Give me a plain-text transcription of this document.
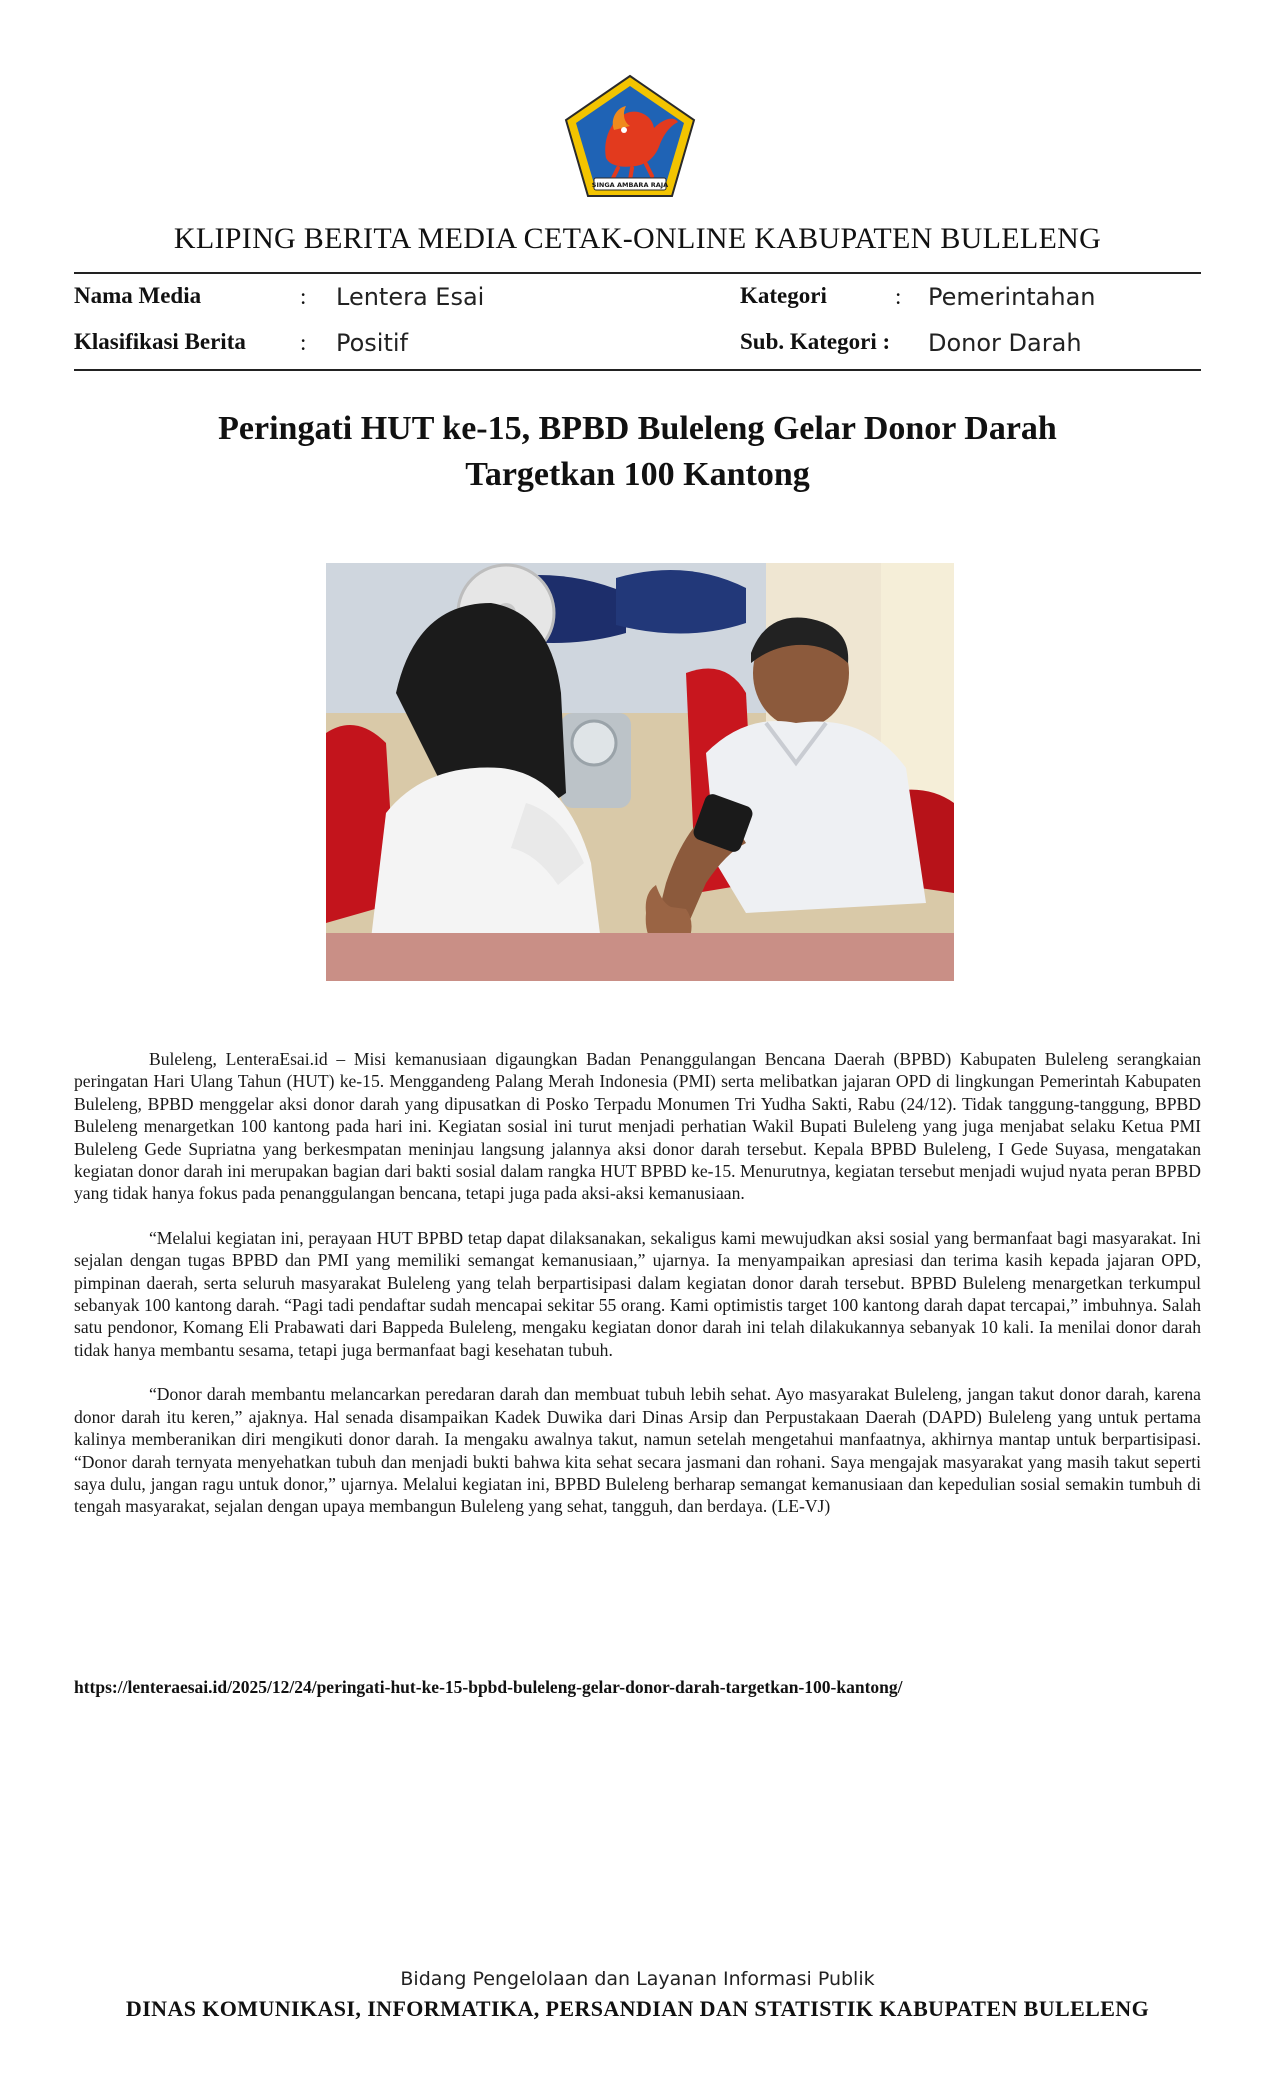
SINGA AMBARA RAJA
KLIPING BERITA MEDIA CETAK-ONLINE KABUPATEN BULELENG
Nama Media	: Lentera Esai	Kategori	: Pemerintahan
Klasifikasi Berita : Positif	Sub. Kategori : Donor Darah
Peringati HUT ke-15, BPBD Buleleng Gelar Donor Darah
Targetkan 100 Kantong

Buleleng, LenteraEsai.id – Misi kemanusiaan digaungkan Badan Penanggulangan Bencana Daerah (BPBD) Kabupaten Buleleng serangkaian peringatan Hari Ulang Tahun (HUT) ke-15. Menggandeng Palang Merah Indonesia (PMI) serta melibatkan jajaran OPD di lingkungan Pemerintah Kabupaten Buleleng, BPBD menggelar aksi donor darah yang dipusatkan di Posko Terpadu Monumen Tri Yudha Sakti, Rabu (24/12). Tidak tanggung-tanggung, BPBD Buleleng menargetkan 100 kantong pada hari ini. Kegiatan sosial ini turut menjadi perhatian Wakil Bupati Buleleng yang juga menjabat selaku Ketua PMI Buleleng Gede Supriatna yang berkesmpatan meninjau langsung jalannya aksi donor darah tersebut. Kepala BPBD Buleleng, I Gede Suyasa, mengatakan kegiatan donor darah ini merupakan bagian dari bakti sosial dalam rangka HUT BPBD ke-15. Menurutnya, kegiatan tersebut menjadi wujud nyata peran BPBD yang tidak hanya fokus pada penanggulangan bencana, tetapi juga pada aksi-aksi kemanusiaan.

“Melalui kegiatan ini, perayaan HUT BPBD tetap dapat dilaksanakan, sekaligus kami mewujudkan aksi sosial yang bermanfaat bagi masyarakat. Ini sejalan dengan tugas BPBD dan PMI yang memiliki semangat kemanusiaan,” ujarnya. Ia menyampaikan apresiasi dan terima kasih kepada jajaran OPD, pimpinan daerah, serta seluruh masyarakat Buleleng yang telah berpartisipasi dalam kegiatan donor darah tersebut. BPBD Buleleng menargetkan terkumpul sebanyak 100 kantong darah. “Pagi tadi pendaftar sudah mencapai sekitar 55 orang. Kami optimistis target 100 kantong darah dapat tercapai,” imbuhnya. Salah satu pendonor, Komang Eli Prabawati dari Bappeda Buleleng, mengaku kegiatan donor darah ini telah dilakukannya sebanyak 10 kali. Ia menilai donor darah tidak hanya membantu sesama, tetapi juga bermanfaat bagi kesehatan tubuh.

“Donor darah membantu melancarkan peredaran darah dan membuat tubuh lebih sehat. Ayo masyarakat Buleleng, jangan takut donor darah, karena donor darah itu keren,” ajaknya. Hal senada disampaikan Kadek Duwika dari Dinas Arsip dan Perpustakaan Daerah (DAPD) Buleleng yang untuk pertama kalinya memberanikan diri mengikuti donor darah. Ia mengaku awalnya takut, namun setelah mengetahui manfaatnya, akhirnya mantap untuk berpartisipasi. “Donor darah ternyata menyehatkan tubuh dan menjadi bukti bahwa kita sehat secara jasmani dan rohani. Saya mengajak masyarakat yang masih takut seperti saya dulu, jangan ragu untuk donor,” ujarnya. Melalui kegiatan ini, BPBD Buleleng berharap semangat kemanusiaan dan kepedulian sosial semakin tumbuh di tengah masyarakat, sejalan dengan upaya membangun Buleleng yang sehat, tangguh, dan berdaya. (LE-VJ)

https://lenteraesai.id/2025/12/24/peringati-hut-ke-15-bpbd-buleleng-gelar-donor-darah-targetkan-100-kantong/
Bidang Pengelolaan dan Layanan Informasi Publik
DINAS KOMUNIKASI, INFORMATIKA, PERSANDIAN DAN STATISTIK KABUPATEN BULELENG
